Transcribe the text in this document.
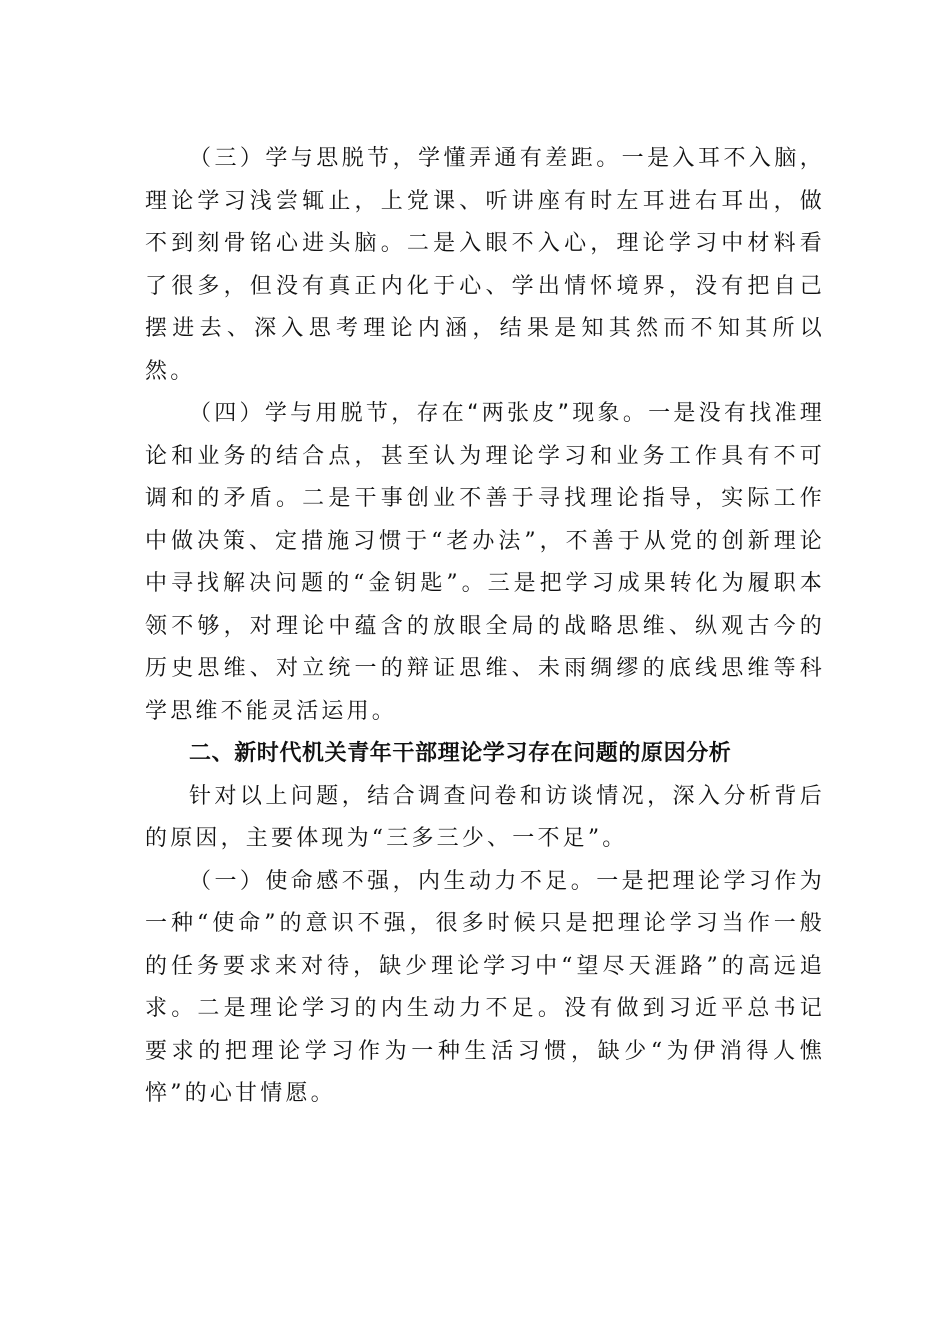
（三）学与思脱节，学懂弄通有差距。一是入耳不入脑，理论学习浅尝辄止，上党课、听讲座有时左耳进右耳出，做不到刻骨铭心进头脑。二是入眼不入心，理论学习中材料看了很多，但没有真正内化于心、学出情怀境界，没有把自己摆进去、深入思考理论内涵，结果是知其然而不知其所以然。

（四）学与用脱节，存在“两张皮”现象。一是没有找准理论和业务的结合点，甚至认为理论学习和业务工作具有不可调和的矛盾。二是干事创业不善于寻找理论指导，实际工作中做决策、定措施习惯于“老办法”，不善于从党的创新理论中寻找解决问题的“金钥匙”。三是把学习成果转化为履职本领不够，对理论中蕴含的放眼全局的战略思维、纵观古今的历史思维、对立统一的辩证思维、未雨绸缪的底线思维等科学思维不能灵活运用。

二、新时代机关青年干部理论学习存在问题的原因分析

针对以上问题，结合调查问卷和访谈情况，深入分析背后的原因，主要体现为“三多三少、一不足”。

（一）使命感不强，内生动力不足。一是把理论学习作为一种“使命”的意识不强，很多时候只是把理论学习当作一般的任务要求来对待，缺少理论学习中“望尽天涯路”的高远追求。二是理论学习的内生动力不足。没有做到习近平总书记要求的把理论学习作为一种生活习惯，缺少“为伊消得人憔悴”的心甘情愿。
